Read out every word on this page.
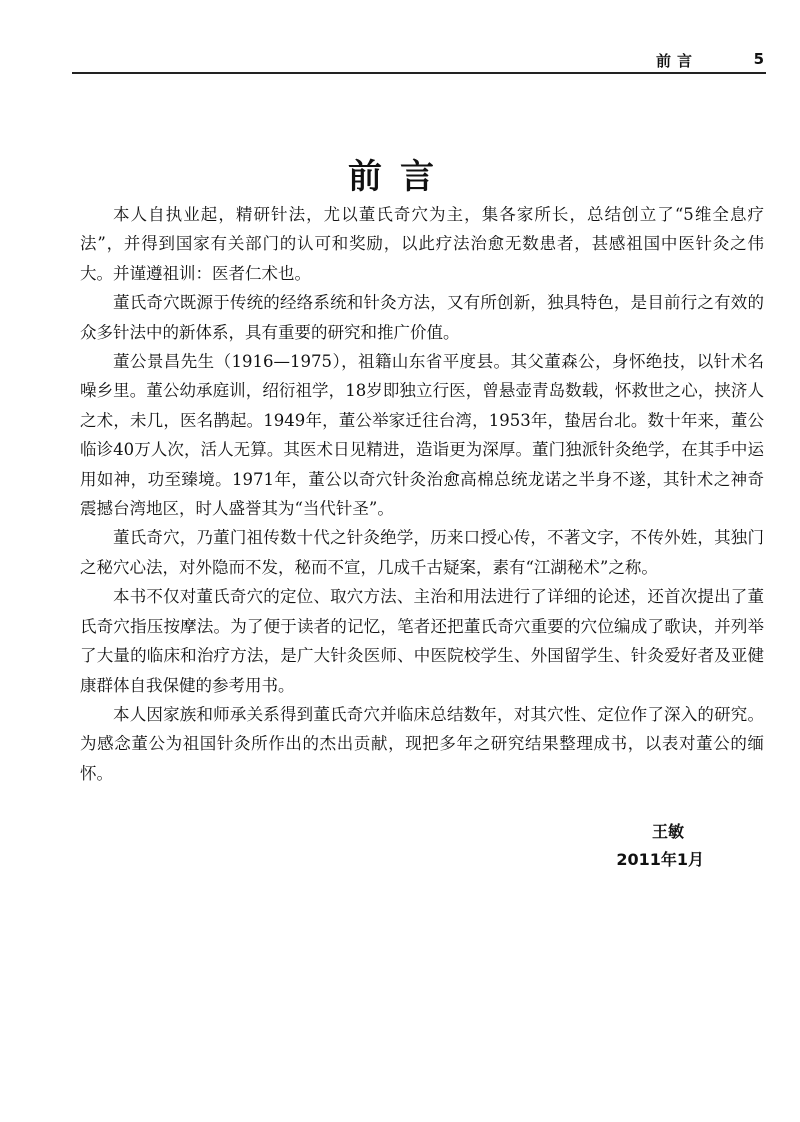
前言	5
前言

本人自执业起，精研针法，尤以董氏奇穴为主，集各家所长，总结创立了“5维全息疗法”，并得到国家有关部门的认可和奖励，以此疗法治愈无数患者，甚感祖国中医针灸之伟大。并谨遵祖训：医者仁术也。

董氏奇穴既源于传统的经络系统和针灸方法，又有所创新，独具特色，是目前行之有效的众多针法中的新体系，具有重要的研究和推广价值。

董公景昌先生（1916—1975），祖籍山东省平度县。其父董森公，身怀绝技，以针术名噪乡里。董公幼承庭训，绍衍祖学，18岁即独立行医，曾悬壶青岛数载，怀救世之心，挟济人之术，未几，医名鹊起。1949年，董公举家迁往台湾，1953年，蛰居台北。数十年来，董公临诊40万人次，活人无算。其医术日见精进，造诣更为深厚。董门独派针灸绝学，在其手中运用如神，功至臻境。1971年，董公以奇穴针灸治愈高棉总统龙诺之半身不遂，其针术之神奇震撼台湾地区，时人盛誉其为“当代针圣”。

董氏奇穴，乃董门祖传数十代之针灸绝学，历来口授心传，不著文字，不传外姓，其独门之秘穴心法，对外隐而不发，秘而不宣，几成千古疑案，素有“江湖秘术”之称。

本书不仅对董氏奇穴的定位、取穴方法、主治和用法进行了详细的论述，还首次提出了董氏奇穴指压按摩法。为了便于读者的记忆，笔者还把董氏奇穴重要的穴位编成了歌诀，并列举了大量的临床和治疗方法，是广大针灸医师、中医院校学生、外国留学生、针灸爱好者及亚健康群体自我保健的参考用书。

本人因家族和师承关系得到董氏奇穴并临床总结数年，对其穴性、定位作了深入的研究。为感念董公为祖国针灸所作出的杰出贡献，现把多年之研究结果整理成书，以表对董公的缅怀。

王敏
2011年1月
